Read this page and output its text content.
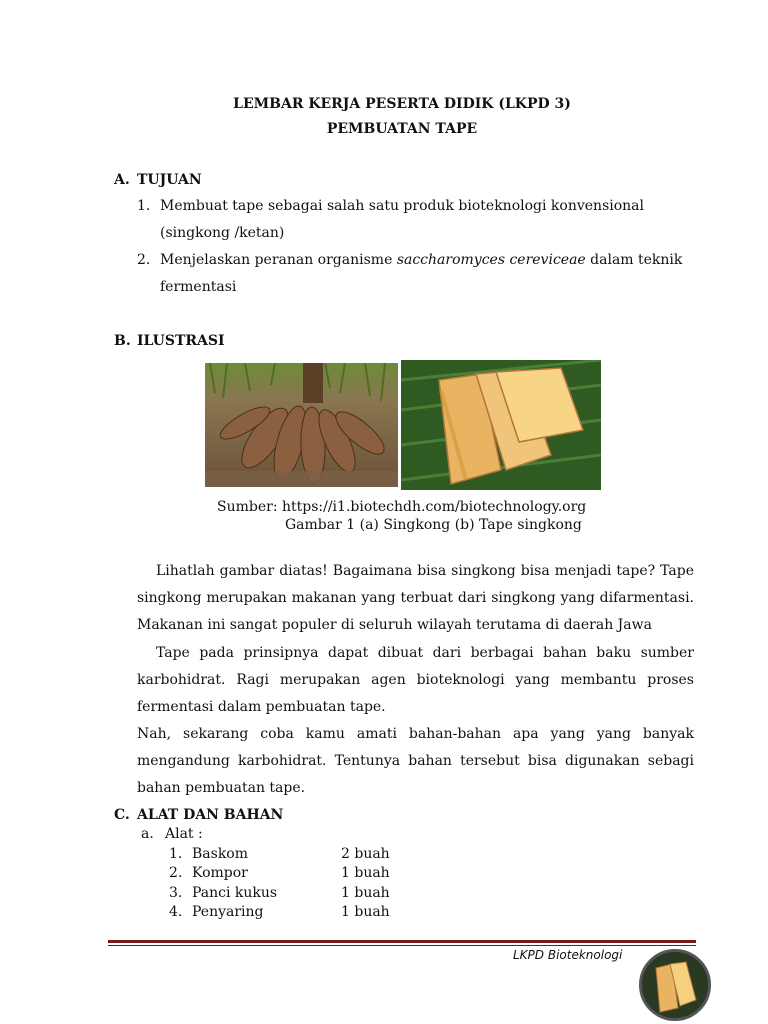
LEMBAR KERJA PESERTA DIDIK (LKPD 3)
PEMBUATAN TAPE
A. TUJUAN
1. Membuat tape sebagai salah satu produk bioteknologi konvensional
(singkong /ketan)
2. Menjelaskan peranan organisme saccharomyces cereviceae dalam teknik
fermentasi
B. ILUSTRASI
Sumber: https://i1.biotechdh.com/biotechnology.org
Gambar 1 (a) Singkong (b) Tape singkong
Lihatlah gambar diatas! Bagaimana bisa singkong bisa menjadi tape? Tape
singkong merupakan makanan yang terbuat dari singkong yang difarmentasi.
Makanan ini sangat populer di seluruh wilayah terutama di daerah Jawa
Tape pada prinsipnya dapat dibuat dari berbagai bahan baku sumber
karbohidrat. Ragi merupakan agen bioteknologi yang membantu proses
fermentasi dalam pembuatan tape.
Nah, sekarang coba kamu amati bahan-bahan apa yang yang banyak
mengandung karbohidrat. Tentunya bahan tersebut bisa digunakan sebagi
bahan pembuatan tape.
C. ALAT DAN BAHAN
a. Alat :
1. Baskom	2 buah
2. Kompor	1 buah
3. Panci kukus	1 buah
4. Penyaring	1 buah
LKPD Bioteknologi
